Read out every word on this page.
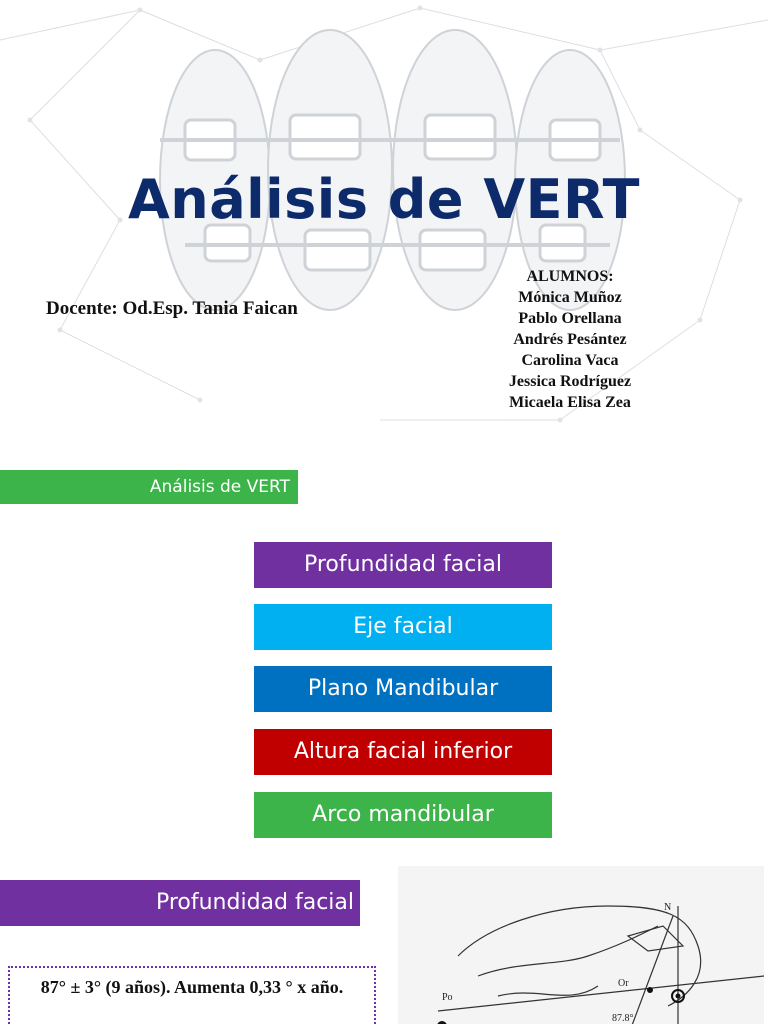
Análisis de VERT
Docente: Od.Esp. Tania Faican
ALUMNOS:
Mónica Muñoz
Pablo Orellana
Andrés Pesántez
Carolina Vaca
Jessica Rodríguez
Micaela Elisa Zea
Análisis de VERT
Profundidad facial
Eje facial
Plano Mandibular
Altura facial inferior
Arco mandibular
Profundidad facial
87° ± 3° (9 años). Aumenta 0,33 ° x año.
N
Or
Po
87.8°
